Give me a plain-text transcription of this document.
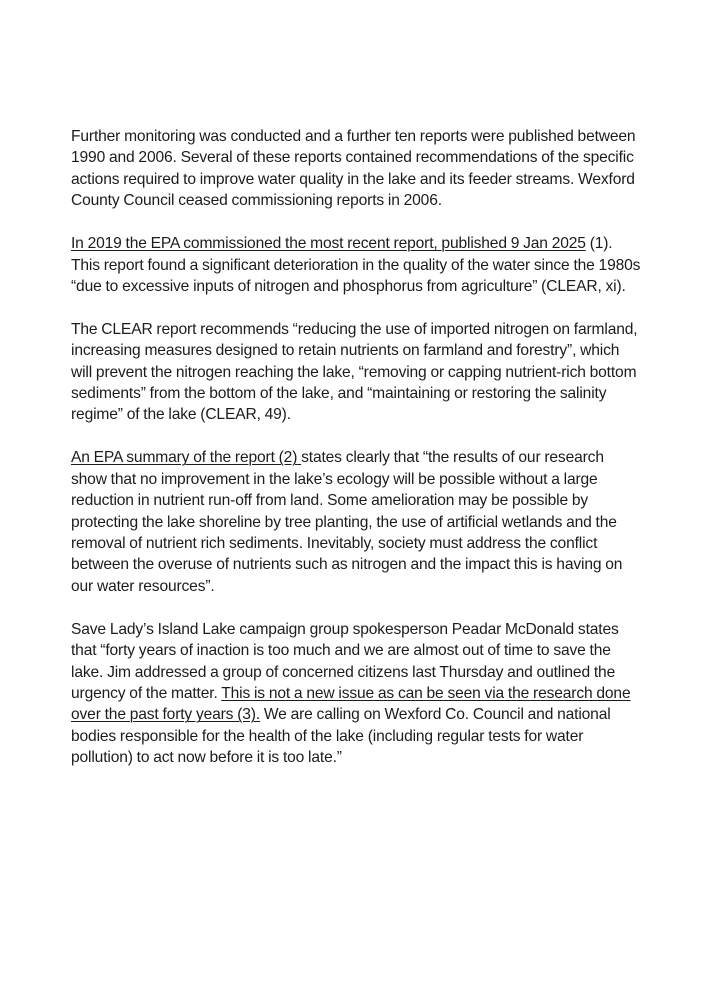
Further monitoring was conducted and a further ten reports were published between 1990 and 2006. Several of these reports contained recommendations of the specific actions required to improve water quality in the lake and its feeder streams. Wexford County Council ceased commissioning reports in 2006.

In 2019 the EPA commissioned the most recent report, published 9 Jan 2025 (1). This report found a significant deterioration in the quality of the water since the 1980s “due to excessive inputs of nitrogen and phosphorus from agriculture” (CLEAR, xi).

The CLEAR report recommends “reducing the use of imported nitrogen on farmland, increasing measures designed to retain nutrients on farmland and forestry”, which will prevent the nitrogen reaching the lake, “removing or capping nutrient-rich bottom sediments” from the bottom of the lake, and “maintaining or restoring the salinity regime” of the lake (CLEAR, 49).

An EPA summary of the report (2) states clearly that “the results of our research show that no improvement in the lake’s ecology will be possible without a large reduction in nutrient run-off from land. Some amelioration may be possible by protecting the lake shoreline by tree planting, the use of artificial wetlands and the removal of nutrient rich sediments. Inevitably, society must address the conflict between the overuse of nutrients such as nitrogen and the impact this is having on our water resources”.

Save Lady’s Island Lake campaign group spokesperson Peadar McDonald states that “forty years of inaction is too much and we are almost out of time to save the lake. Jim addressed a group of concerned citizens last Thursday and outlined the urgency of the matter. This is not a new issue as can be seen via the research done over the past forty years (3). We are calling on Wexford Co. Council and national bodies responsible for the health of the lake (including regular tests for water pollution) to act now before it is too late.”
